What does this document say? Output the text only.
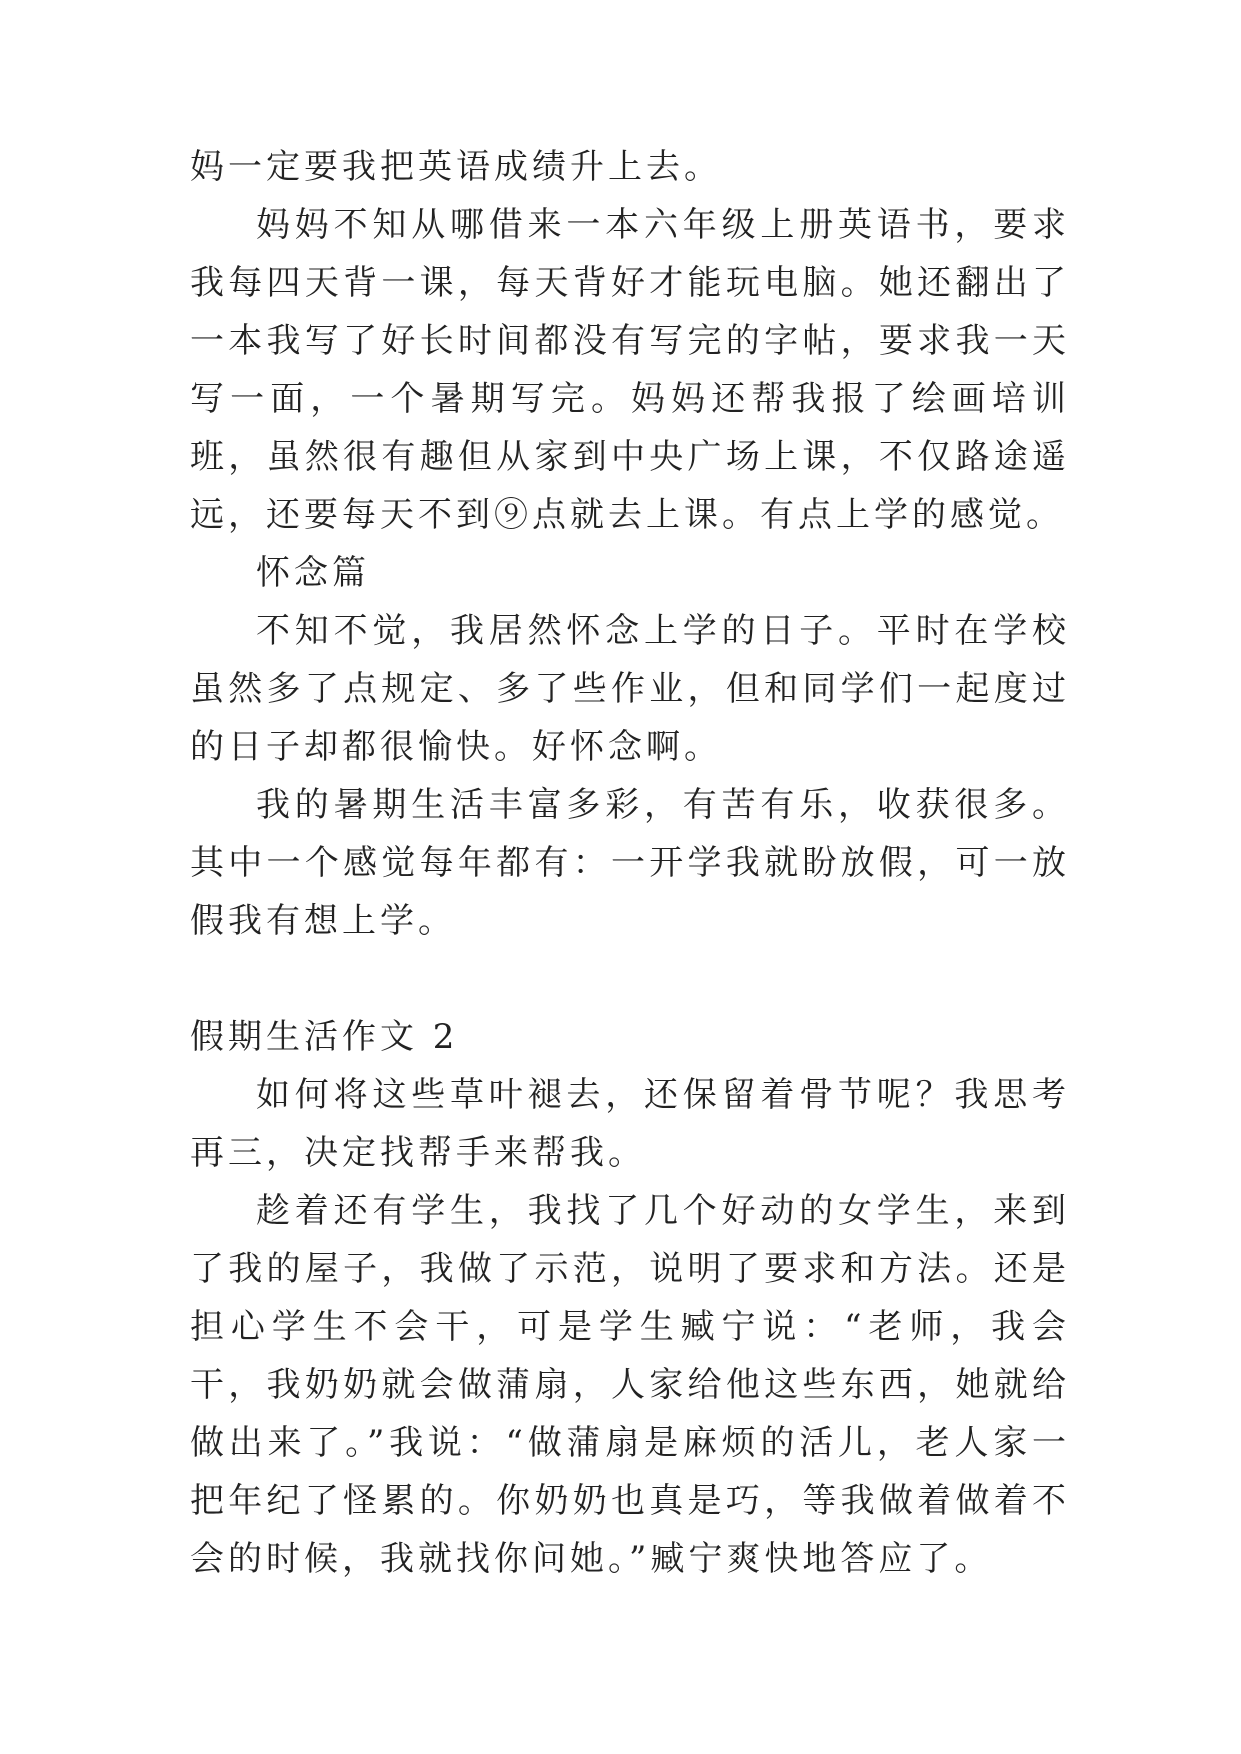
妈一定要我把英语成绩升上去。

妈妈不知从哪借来一本六年级上册英语书，要求我每四天背一课，每天背好才能玩电脑。她还翻出了一本我写了好长时间都没有写完的字帖，要求我一天写一面，一个暑期写完。妈妈还帮我报了绘画培训班，虽然很有趣但从家到中央广场上课，不仅路途遥远，还要每天不到⑨点就去上课。有点上学的感觉。

怀念篇

不知不觉，我居然怀念上学的日子。平时在学校虽然多了点规定、多了些作业，但和同学们一起度过的日子却都很愉快。好怀念啊。

我的暑期生活丰富多彩，有苦有乐，收获很多。其中一个感觉每年都有：一开学我就盼放假，可一放假我有想上学。

假期生活作文 2

如何将这些草叶褪去，还保留着骨节呢？我思考再三，决定找帮手来帮我。

趁着还有学生，我找了几个好动的女学生，来到了我的屋子，我做了示范，说明了要求和方法。还是担心学生不会干，可是学生臧宁说：“老师，我会干，我奶奶就会做蒲扇，人家给他这些东西，她就给做出来了。”我说：“做蒲扇是麻烦的活儿，老人家一把年纪了怪累的。你奶奶也真是巧，等我做着做着不会的时候，我就找你问她。”臧宁爽快地答应了。
